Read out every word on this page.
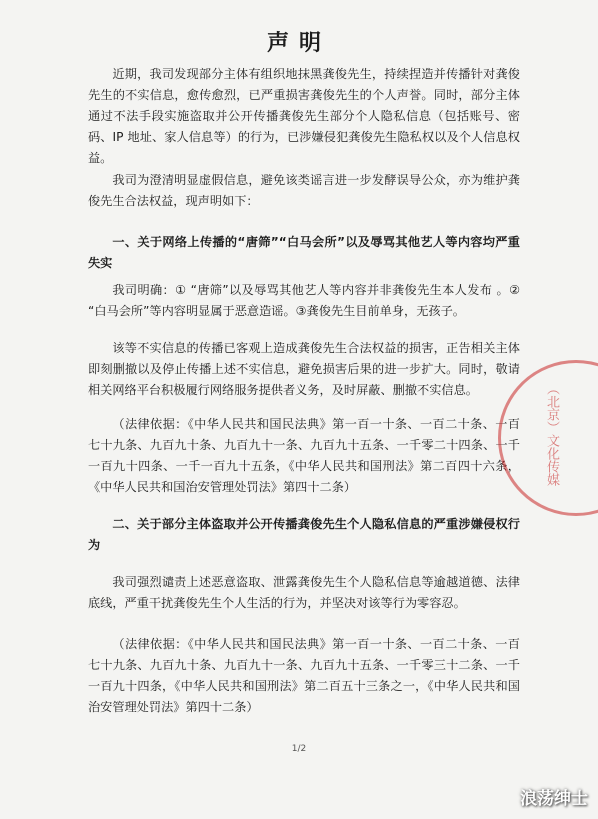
声明

近期，我司发现部分主体有组织地抹黑龚俊先生，持续捏造并传播针对龚俊先生的不实信息，愈传愈烈，已严重损害龚俊先生的个人声誉。同时，部分主体通过不法手段实施盗取并公开传播龚俊先生部分个人隐私信息（包括账号、密码、IP 地址、家人信息等）的行为，已涉嫌侵犯龚俊先生隐私权以及个人信息权益。

我司为澄清明显虚假信息，避免该类谣言进一步发酵误导公众，亦为维护龚俊先生合法权益，现声明如下：

一、关于网络上传播的“唐筛”“白马会所”以及辱骂其他艺人等内容均严重失实

我司明确：① “唐筛”以及辱骂其他艺人等内容并非龚俊先生本人发布 。② “白马会所”等内容明显属于恶意造谣。③龚俊先生目前单身，无孩子。

该等不实信息的传播已客观上造成龚俊先生合法权益的损害，正告相关主体即刻删撤以及停止传播上述不实信息，避免损害后果的进一步扩大。同时，敬请相关网络平台积极履行网络服务提供者义务，及时屏蔽、删撤不实信息。

（法律依据：《中华人民共和国民法典》第一百一十条、一百二十条、一百七十九条、九百九十条、九百九十一条、九百九十五条、一千零二十四条、一千一百九十四条、一千一百九十五条，《中华人民共和国刑法》第二百四十六条，《中华人民共和国治安管理处罚法》第四十二条）

二、关于部分主体盗取并公开传播龚俊先生个人隐私信息的严重涉嫌侵权行为

我司强烈谴责上述恶意盗取、泄露龚俊先生个人隐私信息等逾越道德、法律底线，严重干扰龚俊先生个人生活的行为，并坚决对该等行为零容忍。

（法律依据：《中华人民共和国民法典》第一百一十条、一百二十条、一百七十九条、九百九十条、九百九十一条、九百九十五条、一千零三十二条、一千一百九十四条，《中华人民共和国刑法》第二百五十三条之一，《中华人民共和国治安管理处罚法》第四十二条）

1/2
（北京）文化传媒
浪荡绅士
